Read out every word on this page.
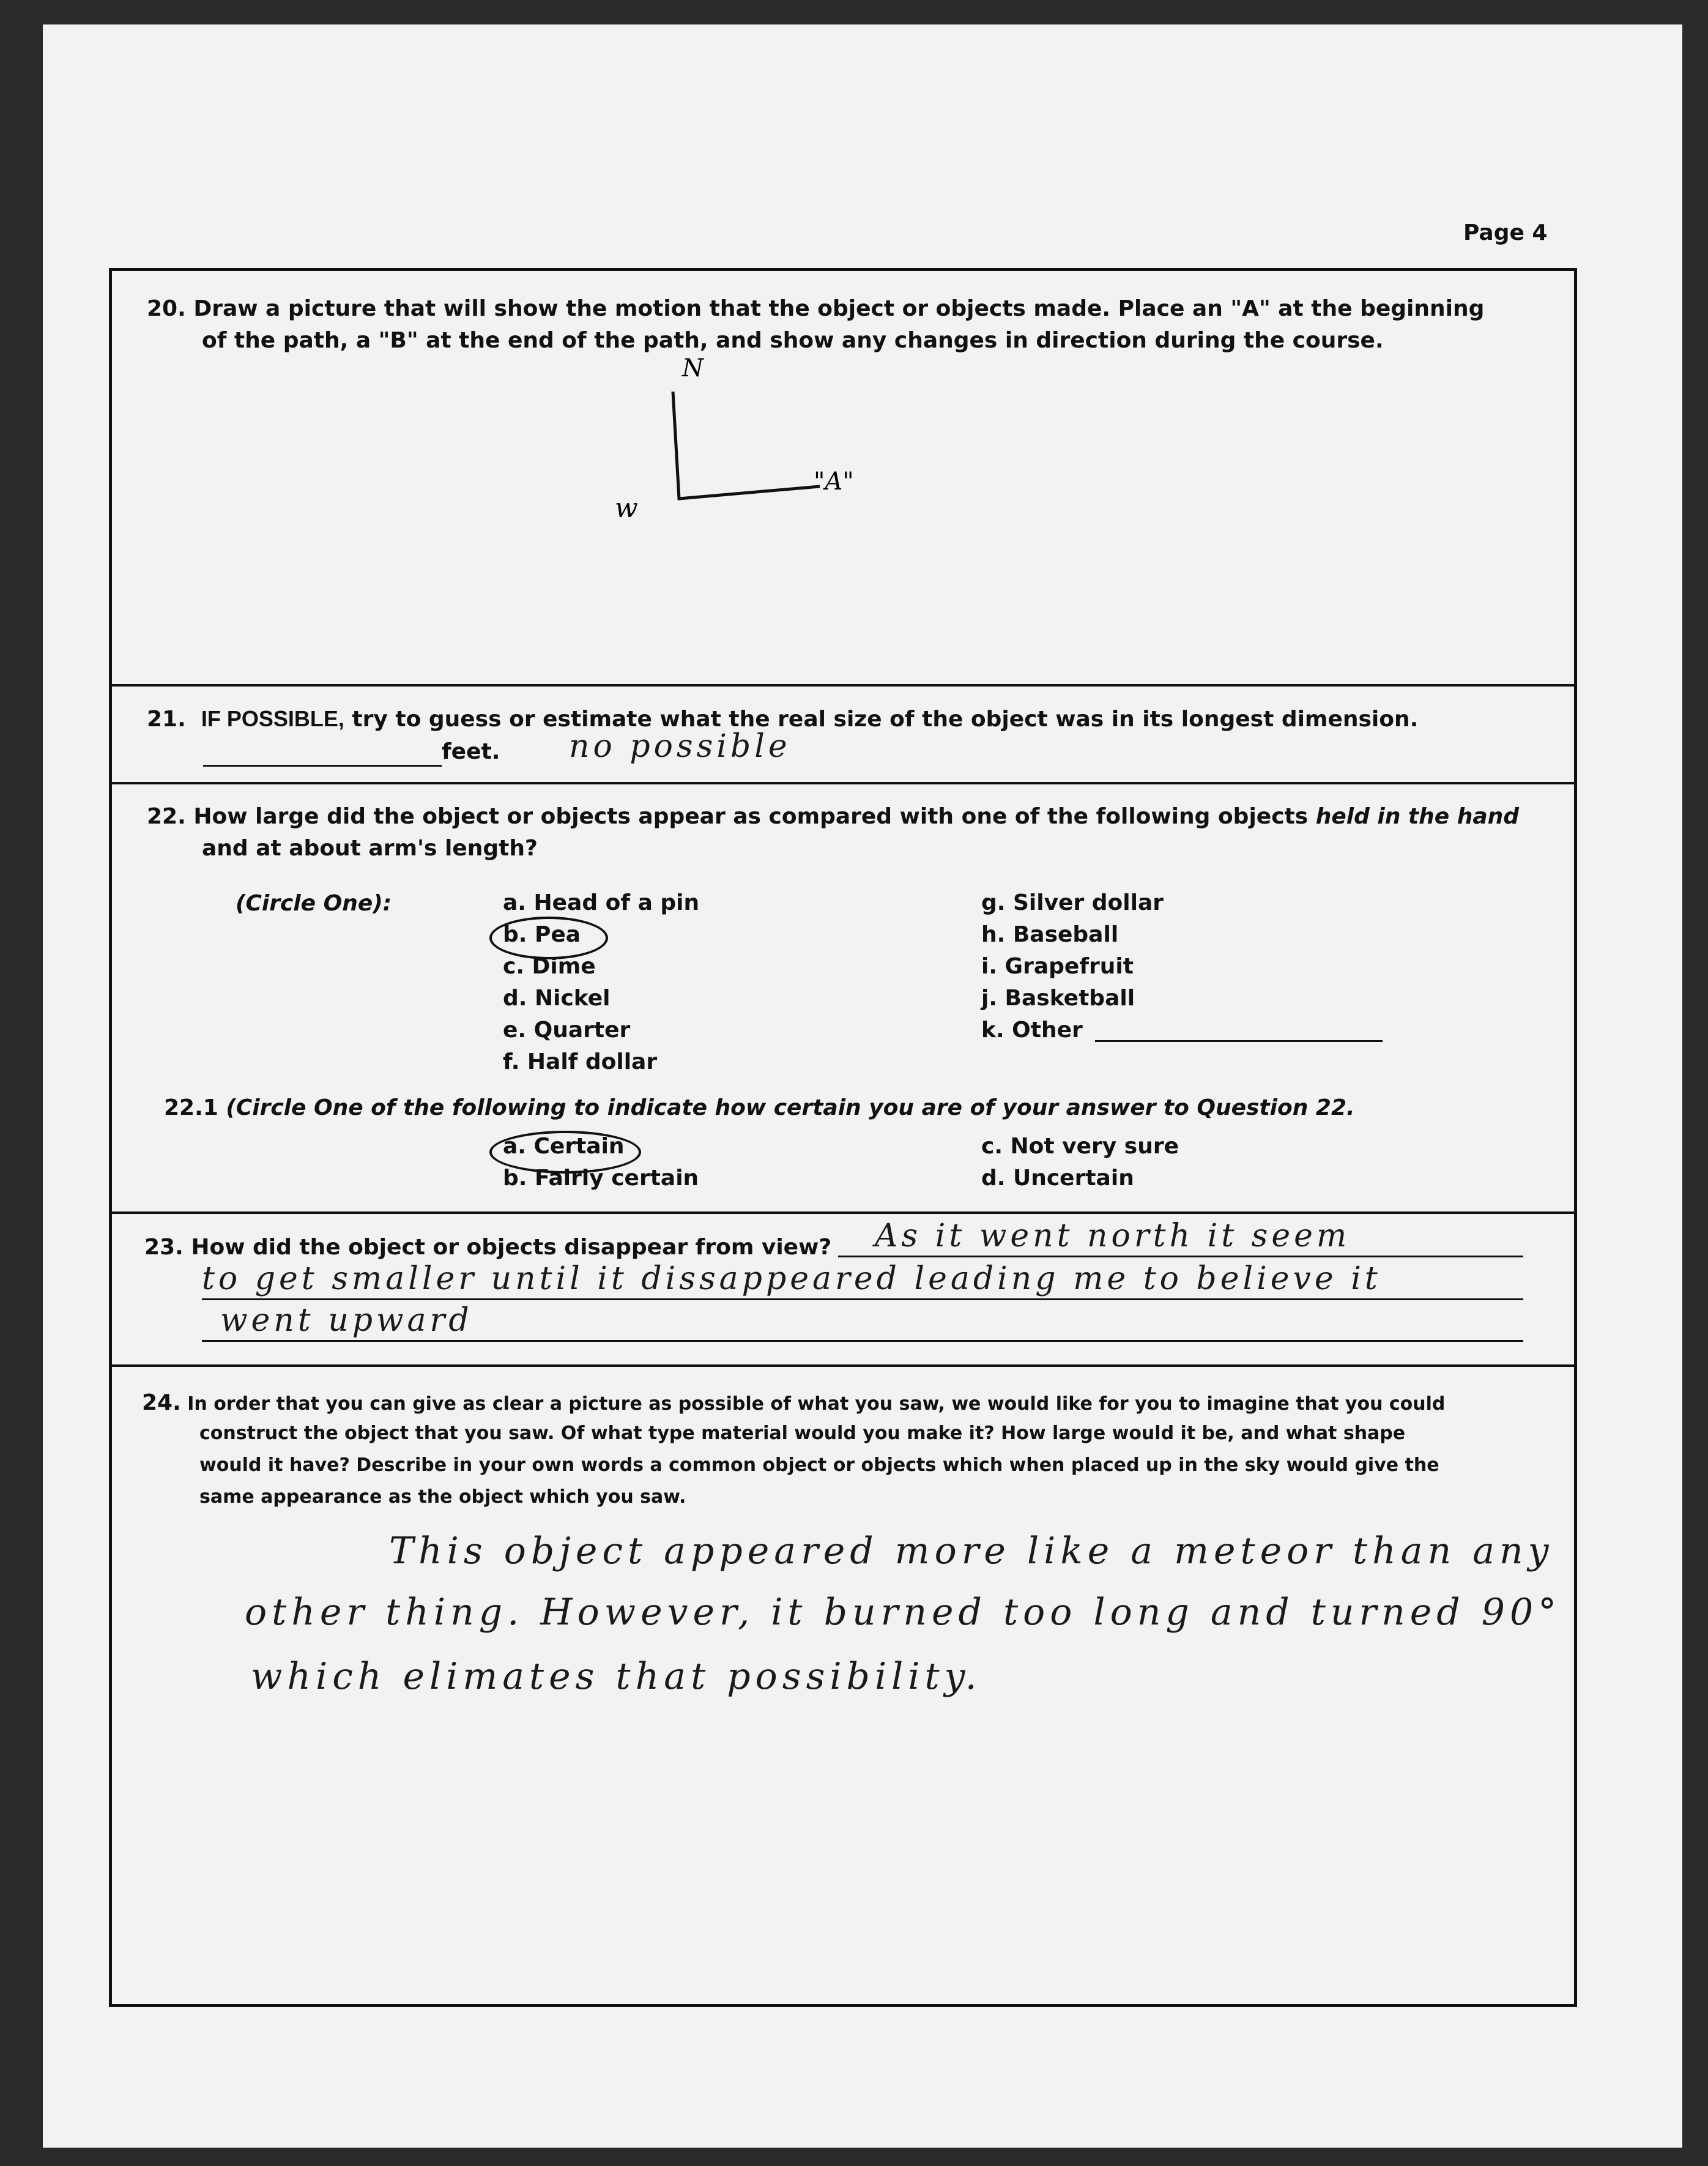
Page 4
20. Draw a picture that will show the motion that the object or objects made. Place an "A" at the beginning
of the path, a "B" at the end of the path, and show any changes in direction during the course.
N
w
"A"
21. IF POSSIBLE, try to guess or estimate what the real size of the object was in its longest dimension.
feet. no possible
22. How large did the object or objects appear as compared with one of the following objects held in the hand
and at about arm's length?
(Circle One):	a. Head of a pin
b. Pea
c. Dime
d. Nickel
e. Quarter
f. Half dollar
g. Silver dollar
h. Baseball
i. Grapefruit
j. Basketball
k. Other
22.1 (Circle One of the following to indicate how certain you are of your answer to Question 22.
a. Certain
b. Fairly certain
c. Not very sure
d. Uncertain
23. How did the object or objects disappear from view? As it went north it seem
to get smaller until it dissappeared leading me to believe it
went upward
24. In order that you can give as clear a picture as possible of what you saw, we would like for you to imagine that you could
construct the object that you saw. Of what type material would you make it? How large would it be, and what shape
would it have? Describe in your own words a common object or objects which when placed up in the sky would give the
same appearance as the object which you saw.
This object appeared more like a meteor than any
other thing. However, it burned too long and turned 90°
which elimates that possibility.
